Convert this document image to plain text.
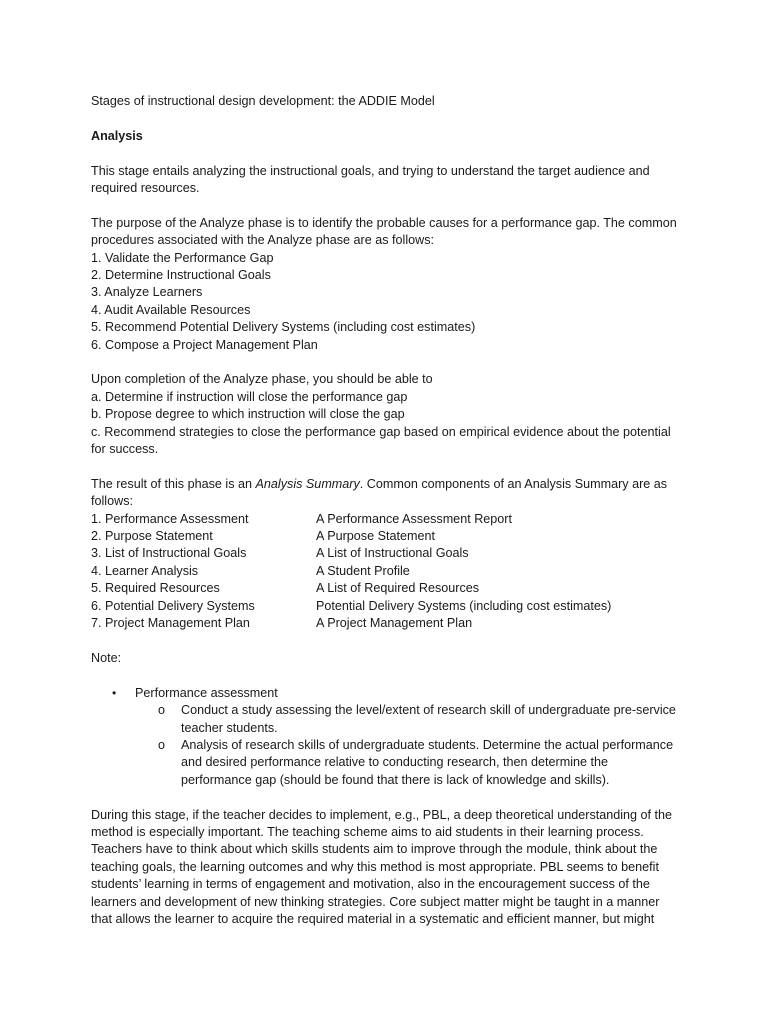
Stages of instructional design development: the ADDIE Model

Analysis

This stage entails analyzing the instructional goals, and trying to understand the target audience and required resources.

The purpose of the Analyze phase is to identify the probable causes for a performance gap. The common procedures associated with the Analyze phase are as follows:

1. Validate the Performance Gap

2. Determine Instructional Goals

3. Analyze Learners

4. Audit Available Resources

5. Recommend Potential Delivery Systems (including cost estimates)

6. Compose a Project Management Plan

Upon completion of the Analyze phase, you should be able to

a. Determine if instruction will close the performance gap

b. Propose degree to which instruction will close the gap

c. Recommend strategies to close the performance gap based on empirical evidence about the potential for success.

The result of this phase is an Analysis Summary. Common components of an Analysis Summary are as follows:

1. Performance Assessment	A Performance Assessment Report
2. Purpose Statement	A Purpose Statement
3. List of Instructional Goals	A List of Instructional Goals
4. Learner Analysis	A Student Profile
5. Required Resources	A List of Required Resources
6. Potential Delivery Systems	Potential Delivery Systems (including cost estimates)
7. Project Management Plan	A Project Management Plan

Note:

• Performance assessment
o Conduct a study assessing the level/extent of research skill of undergraduate pre-service teacher students.
o Analysis of research skills of undergraduate students. Determine the actual performance and desired performance relative to conducting research, then determine the performance gap (should be found that there is lack of knowledge and skills).

During this stage, if the teacher decides to implement, e.g., PBL, a deep theoretical understanding of the method is especially important. The teaching scheme aims to aid students in their learning process. Teachers have to think about which skills students aim to improve through the module, think about the teaching goals, the learning outcomes and why this method is most appropriate. PBL seems to benefit students’ learning in terms of engagement and motivation, also in the encouragement success of the learners and development of new thinking strategies. Core subject matter might be taught in a manner that allows the learner to acquire the required material in a systematic and efficient manner, but might
